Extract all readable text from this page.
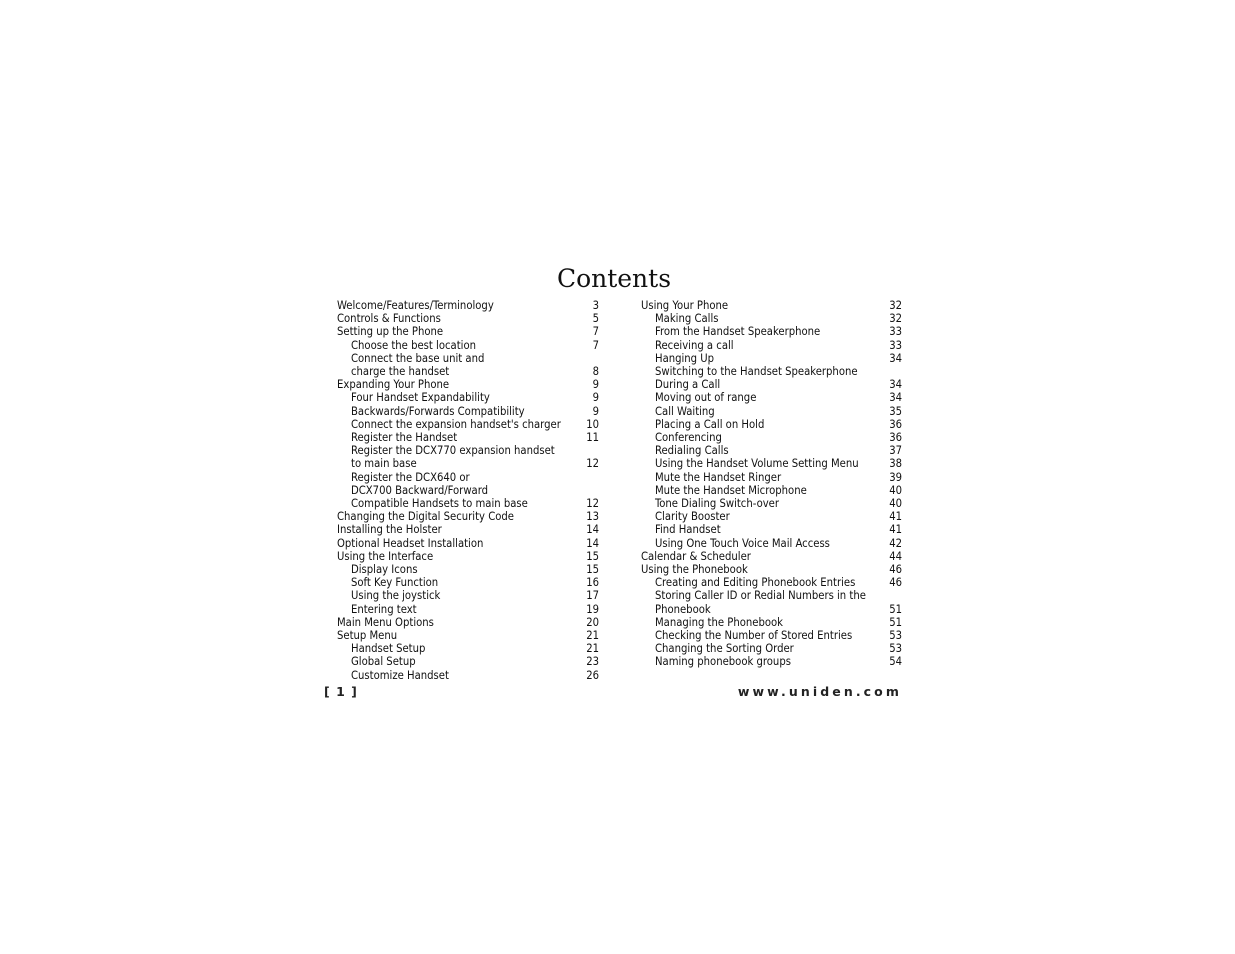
Contents
Welcome/Features/Terminology	3
Controls & Functions	5
Setting up the Phone	7
Choose the best location	7
Connect the base unit and
charge the handset	8
Expanding Your Phone	9
Four Handset Expandability	9
Backwards/Forwards Compatibility	9
Connect the expansion handset's charger	10
Register the Handset	11
Register the DCX770 expansion handset
to main base	12
Register the DCX640 or
DCX700 Backward/Forward
Compatible Handsets to main base	12
Changing the Digital Security Code	13
Installing the Holster	14
Optional Headset Installation	14
Using the Interface	15
Display Icons	15
Soft Key Function	16
Using the joystick	17
Entering text	19
Main Menu Options	20
Setup Menu	21
Handset Setup	21
Global Setup	23
Customize Handset	26
Using Your Phone	32
Making Calls	32
From the Handset Speakerphone	33
Receiving a call	33
Hanging Up	34
Switching to the Handset Speakerphone
During a Call	34
Moving out of range	34
Call Waiting	35
Placing a Call on Hold	36
Conferencing	36
Redialing Calls	37
Using the Handset Volume Setting Menu	38
Mute the Handset Ringer	39
Mute the Handset Microphone	40
Tone Dialing Switch-over	40
Clarity Booster	41
Find Handset	41
Using One Touch Voice Mail Access	42
Calendar & Scheduler	44
Using the Phonebook	46
Creating and Editing Phonebook Entries	46
Storing Caller ID or Redial Numbers in the
Phonebook	51
Managing the Phonebook	51
Checking the Number of Stored Entries	53
Changing the Sorting Order	53
Naming phonebook groups	54
[ 1 ]	www.uniden.com
